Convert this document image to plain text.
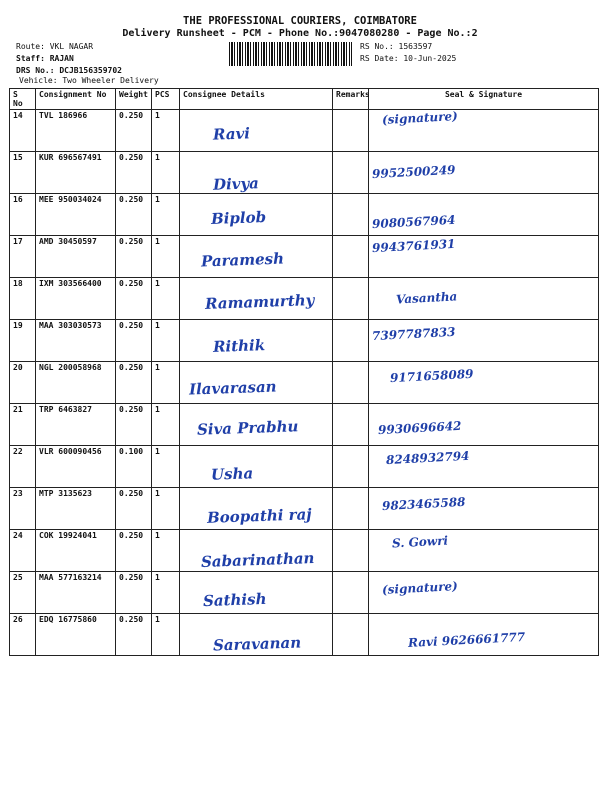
THE PROFESSIONAL COURIERS, COIMBATORE
Delivery Runsheet - PCM - Phone No.:9047080280 - Page No.:2
Route: VKL NAGAR
Staff: RAJAN
DRS No.: DCJB156359702
Vehicle: Two Wheeler Delivery
RS No.: 1563597
RS Date: 10-Jun-2025
S No	Consignment No	Weight	PCS	Consignee Details	Remarks	Seal & Signature
14	TVL 186966	0.250	1	Ravi		(signature)

15	KUR 696567491	0.250	1	Divya		9952500249

16	MEE 950034024	0.250	1	Biplob		9080567964

17	AMD 30450597	0.250	1	Paramesh		9943761931

18	IXM 303566400	0.250	1	Ramamurthy		Vasantha

19	MAA 303030573	0.250	1	Rithik		7397787833

20	NGL 200058968	0.250	1	Ilavarasan		9171658089

21	TRP 6463827	0.250	1	Siva Prabhu		9930696642

22	VLR 600090456	0.100	1	Usha		8248932794

23	MTP 3135623	0.250	1	Boopathi raj		9823465588

24	COK 19924041	0.250	1	Sabarinathan		S. Gowri

25	MAA 577163214	0.250	1	Sathish		(signature)

26	EDQ 16775860	0.250	1	Saravanan		Ravi 9626661777
